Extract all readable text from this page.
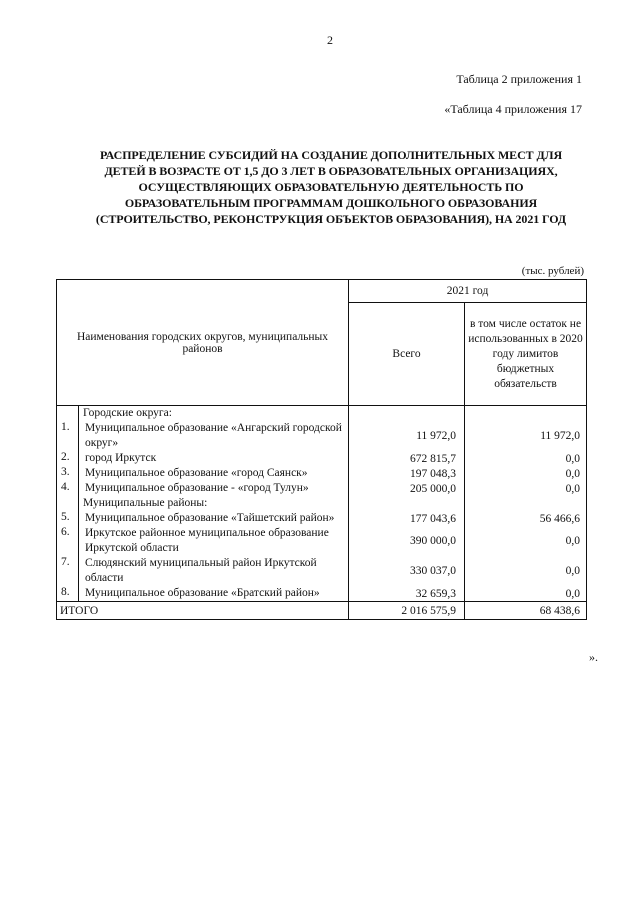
2
Таблица 2 приложения 1
«Таблица 4 приложения 17
РАСПРЕДЕЛЕНИЕ СУБСИДИЙ НА СОЗДАНИЕ ДОПОЛНИТЕЛЬНЫХ МЕСТ ДЛЯ
ДЕТЕЙ В ВОЗРАСТЕ ОТ 1,5 ДО 3 ЛЕТ В ОБРАЗОВАТЕЛЬНЫХ ОРГАНИЗАЦИЯХ,
ОСУЩЕСТВЛЯЮЩИХ ОБРАЗОВАТЕЛЬНУЮ ДЕЯТЕЛЬНОСТЬ ПО
ОБРАЗОВАТЕЛЬНЫМ ПРОГРАММАМ ДОШКОЛЬНОГО ОБРАЗОВАНИЯ
(СТРОИТЕЛЬСТВО, РЕКОНСТРУКЦИЯ ОБЪЕКТОВ ОБРАЗОВАНИЯ), НА 2021 ГОД
(тыс. рублей)
Наименования городских округов, муниципальных районов		2021 год	
		Всего	в том числе остаток не использованных в 2020 году лимитов бюджетных обязательств
	Городские округа:		
1.	Муниципальное образование «Ангарский городской округ»	11 972,0	11 972,0
2.	город Иркутск	672 815,7	0,0
3.	Муниципальное образование «город Саянск»	197 048,3	0,0
4.	Муниципальное образование - «город Тулун»	205 000,0	0,0
	Муниципальные районы:		
5.	Муниципальное образование «Тайшетский район»	177 043,6	56 466,6
6.	Иркутское районное муниципальное образование Иркутской области	390 000,0	0,0
7.	Слюдянский муниципальный район Иркутской области	330 037,0	0,0
8.	Муниципальное образование «Братский район»	32 659,3	0,0
ИТОГО		2 016 575,9	68 438,6
».
